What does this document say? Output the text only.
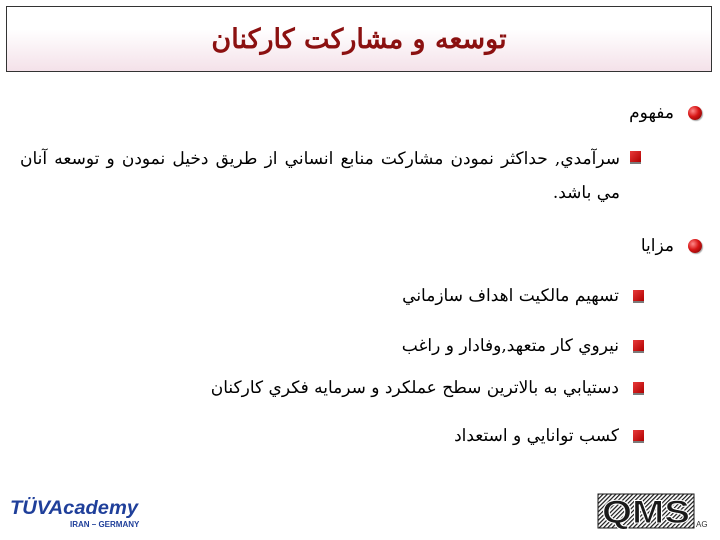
توسعه و مشاركت كاركنان
مفهوم
سرآمدي, حداكثر نمودن مشاركت منابع انساني از طريق دخيل نمودن و توسعه آنان مي باشد.
مزايا
تسهيم مالكيت اهداف سازماني
نيروي كار متعهد,وفادار و راغب
دستيابي به بالاترين سطح عملكرد و سرمايه فكري كاركنان
كسب توانايي و استعداد
TÜVAcademy
IRAN – GERMANY	QMS AG
